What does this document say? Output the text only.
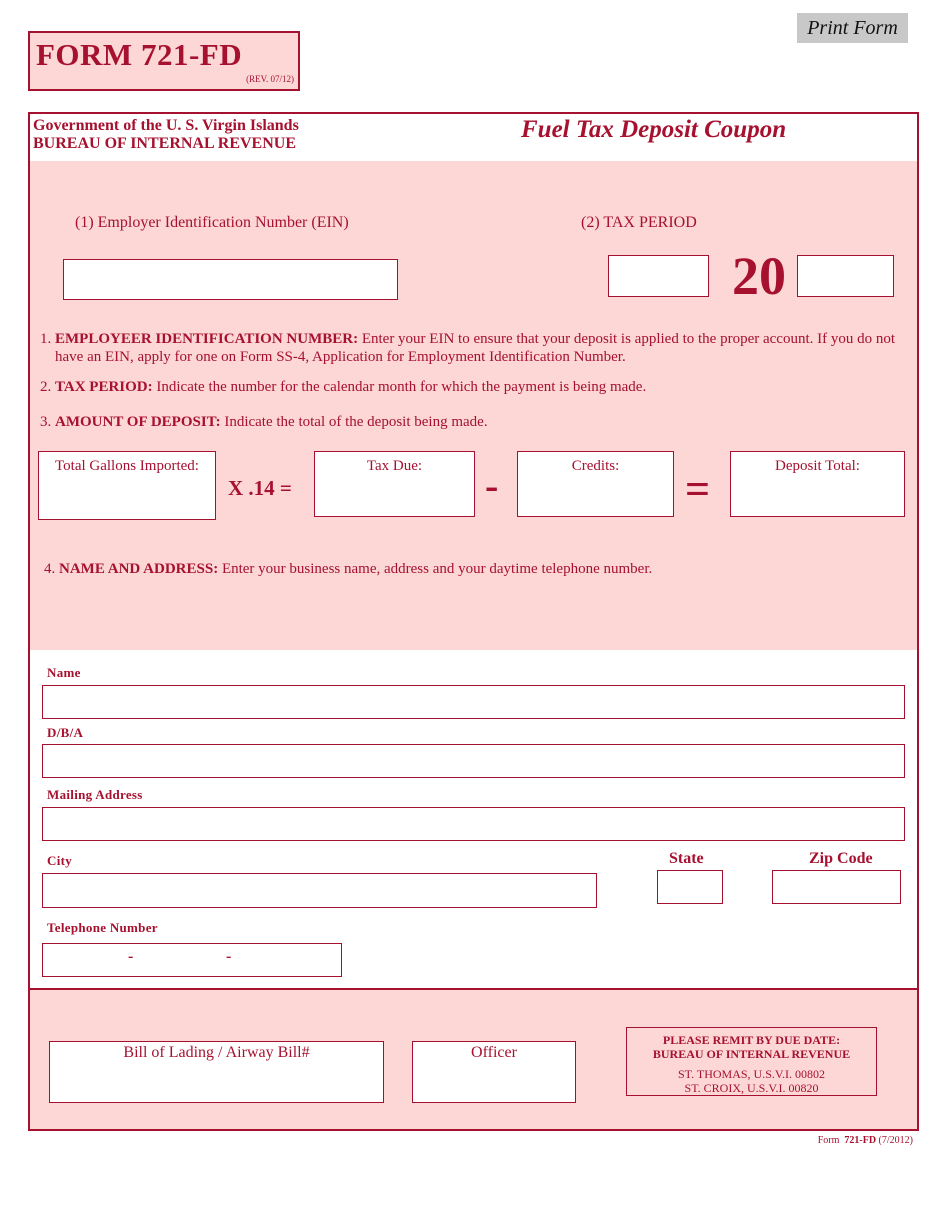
Print Form
FORM 721-FD
(REV. 07/12)
Government of the U. S. Virgin Islands
BUREAU OF INTERNAL REVENUE
Fuel Tax Deposit Coupon
(1) Employer Identification Number (EIN)	(2) TAX PERIOD
20
1. EMPLOYEER IDENTIFICATION NUMBER: Enter your EIN to ensure that your deposit is applied to the proper account. If you do not have an EIN, apply for one on Form SS-4, Application for Employment Identification Number.
2. TAX PERIOD: Indicate the number for the calendar month for which the payment is being made.
3. AMOUNT OF DEPOSIT: Indicate the total of the deposit being made.
Total Gallons Imported:
X .14 =
Tax Due:	-	Credits:	=	Deposit Total:
4. NAME AND ADDRESS: Enter your business name, address and your daytime telephone number.
Name
D/B/A
Mailing Address
City	State	Zip Code
Telephone Number
-	-
Bill of Lading / Airway Bill#	Officer
PLEASE REMIT BY DUE DATE:
BUREAU OF INTERNAL REVENUE
ST. THOMAS, U.S.V.I. 00802
ST. CROIX, U.S.V.I. 00820
Form 721-FD (7/2012)
